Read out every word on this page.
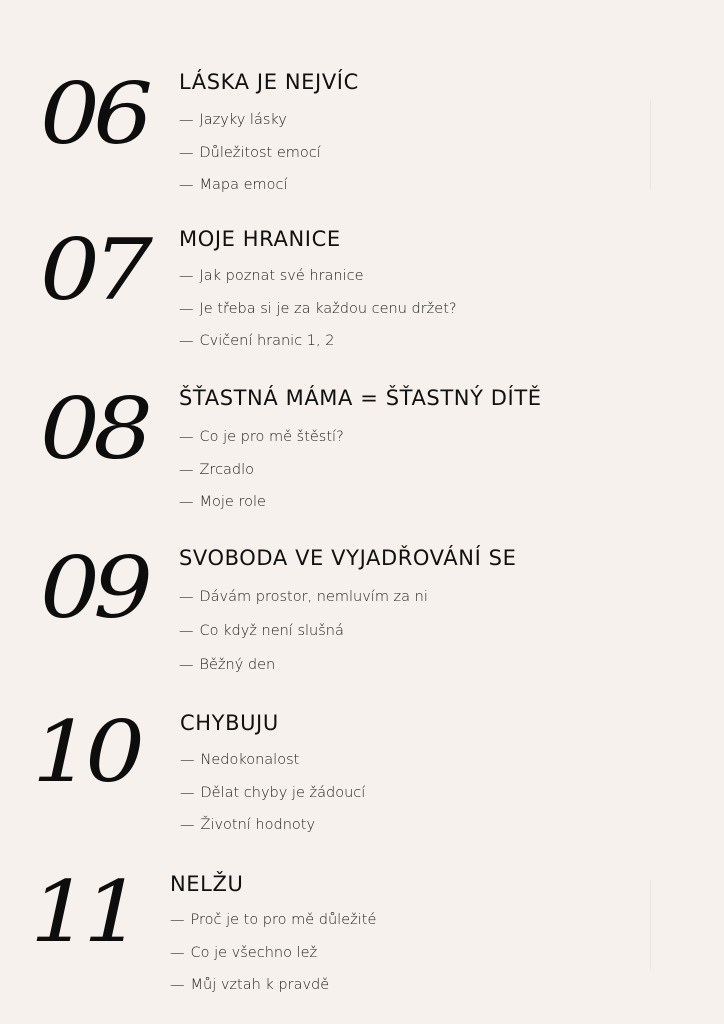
06 LÁSKA JE NEJVÍC
— Jazyky lásky
— Důležitost emocí
— Mapa emocí
07 MOJE HRANICE
— Jak poznat své hranice
— Je třeba si je za každou cenu držet?
— Cvičení hranic 1, 2
08 ŠŤASTNÁ MÁMA = ŠŤASTNÝ DÍTĚ
— Co je pro mě štěstí?
— Zrcadlo
— Moje role
09 SVOBODA VE VYJADŘOVÁNÍ SE
— Dávám prostor, nemluvím za ni
— Co když není slušná
— Běžný den
10 CHYBUJU
— Nedokonalost
— Dělat chyby je žádoucí
— Životní hodnoty
11 NELŽU
— Proč je to pro mě důležité
— Co je všechno lež
— Můj vztah k pravdě
